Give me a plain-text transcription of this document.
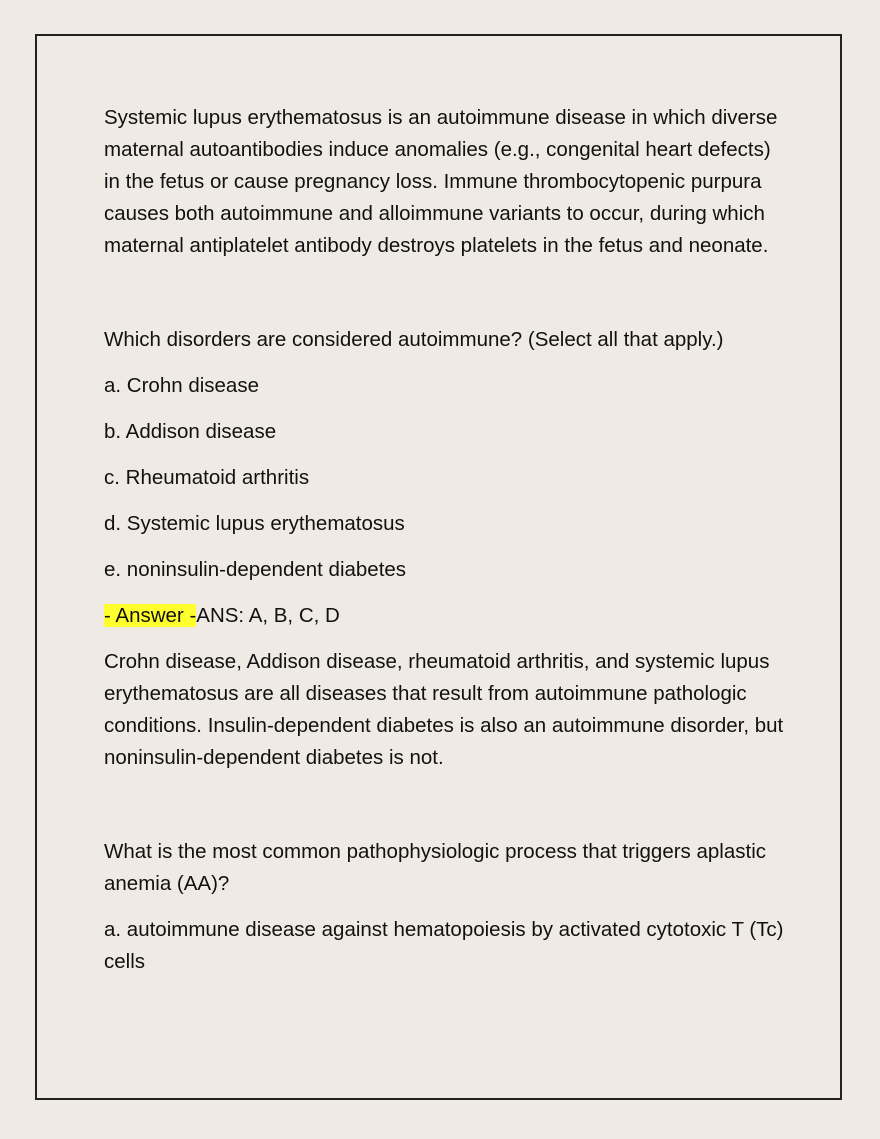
Systemic lupus erythematosus is an autoimmune disease in which diverse maternal autoantibodies induce anomalies (e.g., congenital heart defects) in the fetus or cause pregnancy loss. Immune thrombocytopenic purpura causes both autoimmune and alloimmune variants to occur, during which maternal antiplatelet antibody destroys platelets in the fetus and neonate.

Which disorders are considered autoimmune? (Select all that apply.)

a. Crohn disease

b. Addison disease

c. Rheumatoid arthritis

d. Systemic lupus erythematosus

e. noninsulin-dependent diabetes

- Answer -ANS: A, B, C, D

Crohn disease, Addison disease, rheumatoid arthritis, and systemic lupus erythematosus are all diseases that result from autoimmune pathologic conditions. Insulin-dependent diabetes is also an autoimmune disorder, but noninsulin-dependent diabetes is not.

What is the most common pathophysiologic process that triggers aplastic anemia (AA)?

a. autoimmune disease against hematopoiesis by activated cytotoxic T (Tc) cells
